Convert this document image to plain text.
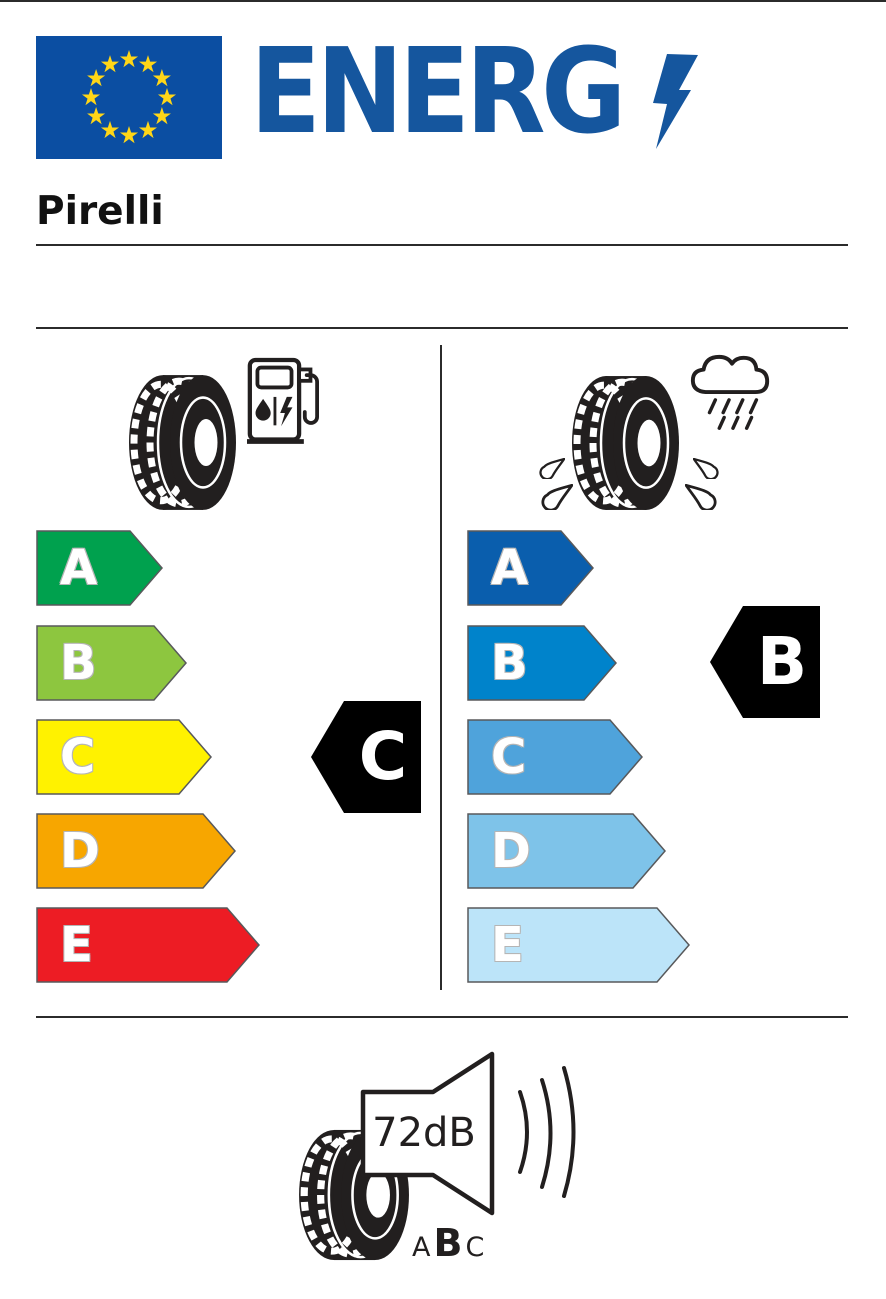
ENERG
Pirelli
A
B
C
D
E
C
A
B
C
D
E
B
72dB
A B C
